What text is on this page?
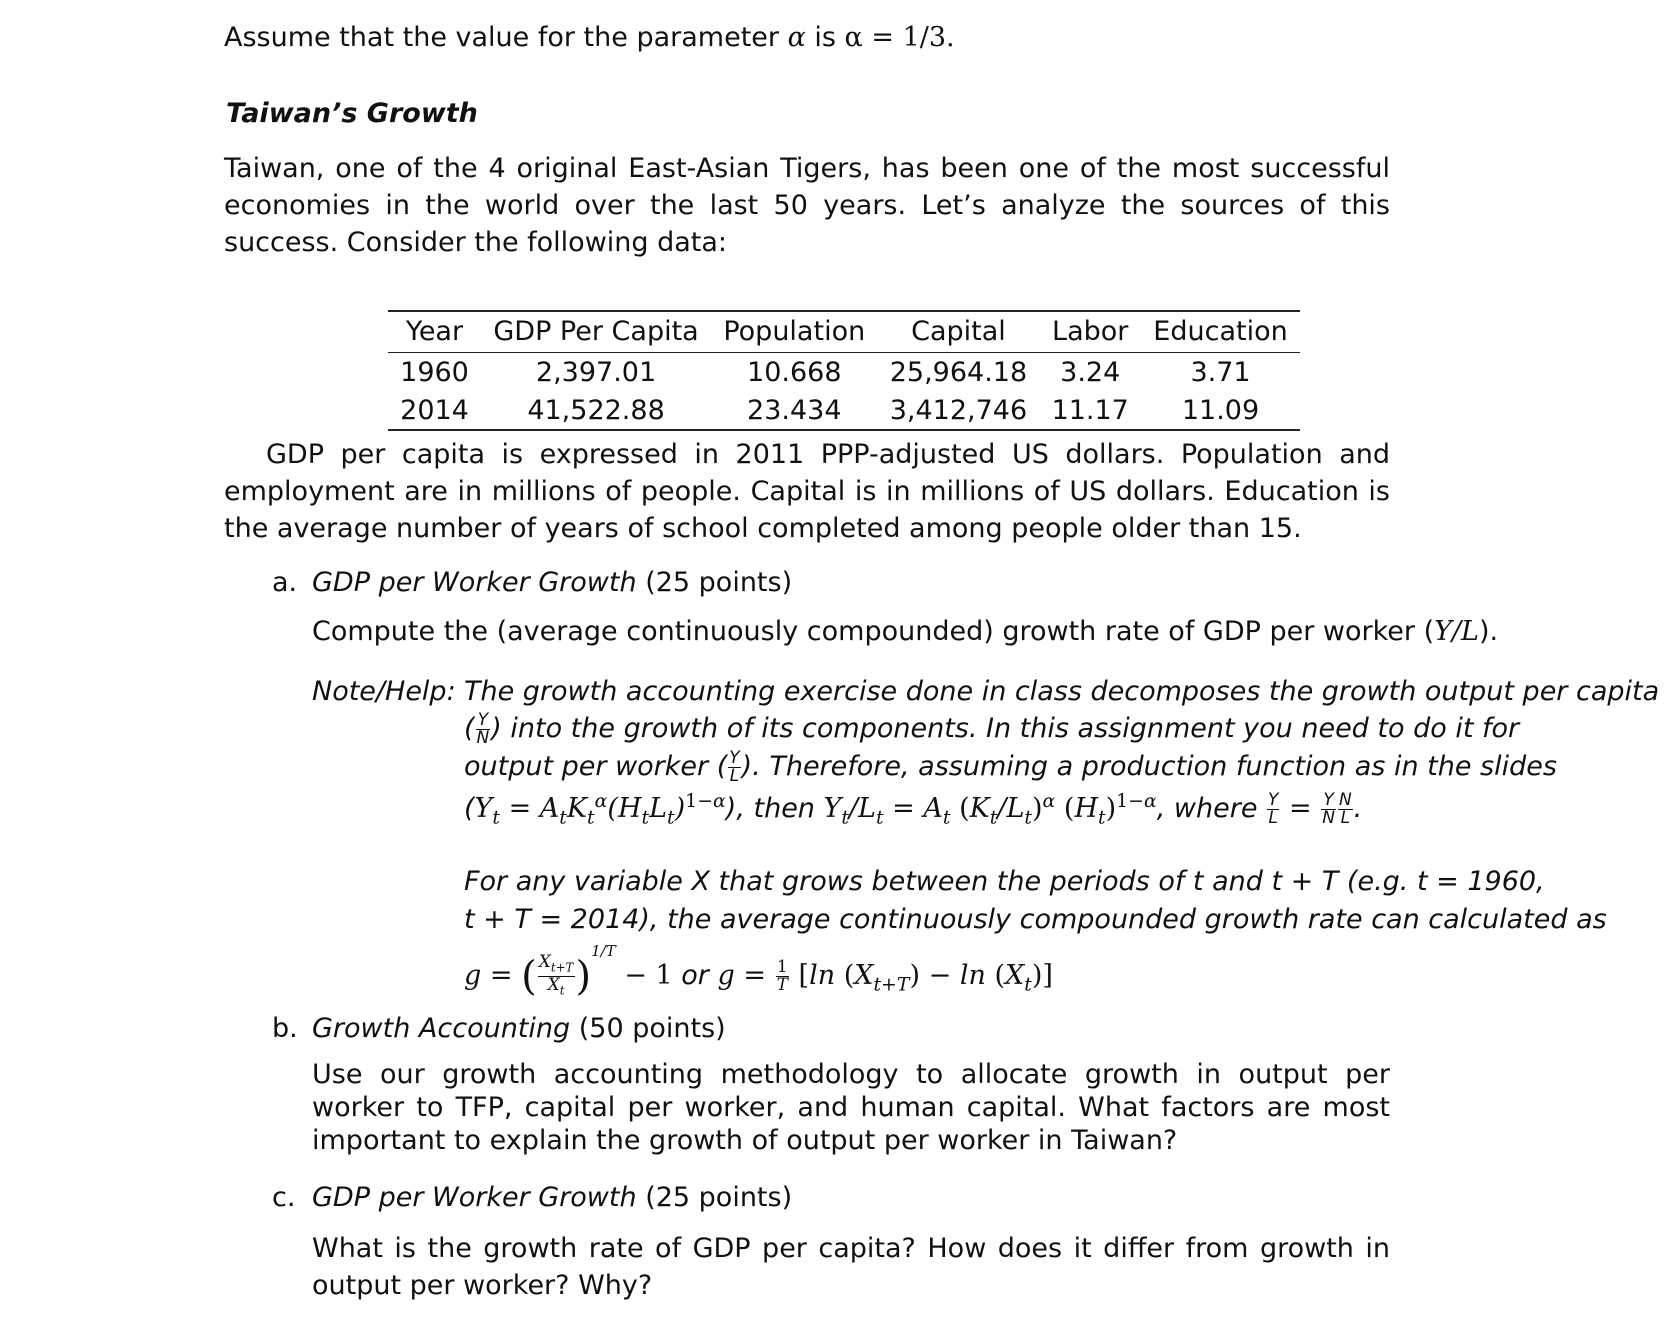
Assume that the value for the parameter α is α = 1/3.
Taiwan’s Growth
Taiwan, one of the 4 original East-Asian Tigers, has been one of the most successful economies in the world over the last 50 years. Let’s analyze the sources of this success. Consider the following data:
Year	GDP Per Capita	Population	Capital	Labor	Education
1960	2,397.01	10.668	25,964.18	3.24	3.71
2014	41,522.88	23.434	3,412,746	11.17	11.09
GDP per capita is expressed in 2011 PPP-adjusted US dollars. Population and employment are in millions of people. Capital is in millions of US dollars. Education is the average number of years of school completed among people older than 15.
a. GDP per Worker Growth (25 points)
Compute the (average continuously compounded) growth rate of GDP per worker (Y/L).
Note/Help: The growth accounting exercise done in class decomposes the growth output per capita
( $\frac{Y}{N}$ ) into the growth of its components. In this assignment you need to do it for
output per worker ( $\frac{Y}{L}$ ). Therefore, assuming a production function as in the slides
$(Y_t = A_tK_t^\alpha(H_tL_t)^{1-\alpha})$, then $Y_t/L_t = A_t$ $(K_t/L_t)^\alpha$ $(H_t)^{1-\alpha}$, where $\frac{Y}{L} = \frac{Y}{N} \frac{N}{L}$ .
For any variable X that grows between the periods of t and t + T (e.g. t = 1960,
t + T = 2014), the average continuously compounded growth rate can calculated as
g = ( $\frac{X_{t+T}}{X_t} )^{1/T} - 1$ or $g = \frac{1}{T} [\ln$ $(X_{t+T}) - \ln (X_t)$]
b. Growth Accounting (50 points)
Use our growth accounting methodology to allocate growth in output per worker to TFP, capital per worker, and human capital. What factors are most important to explain the growth of output per worker in Taiwan?
c. GDP per Worker Growth (25 points)
What is the growth rate of GDP per capita? How does it differ from growth in output per worker? Why?
